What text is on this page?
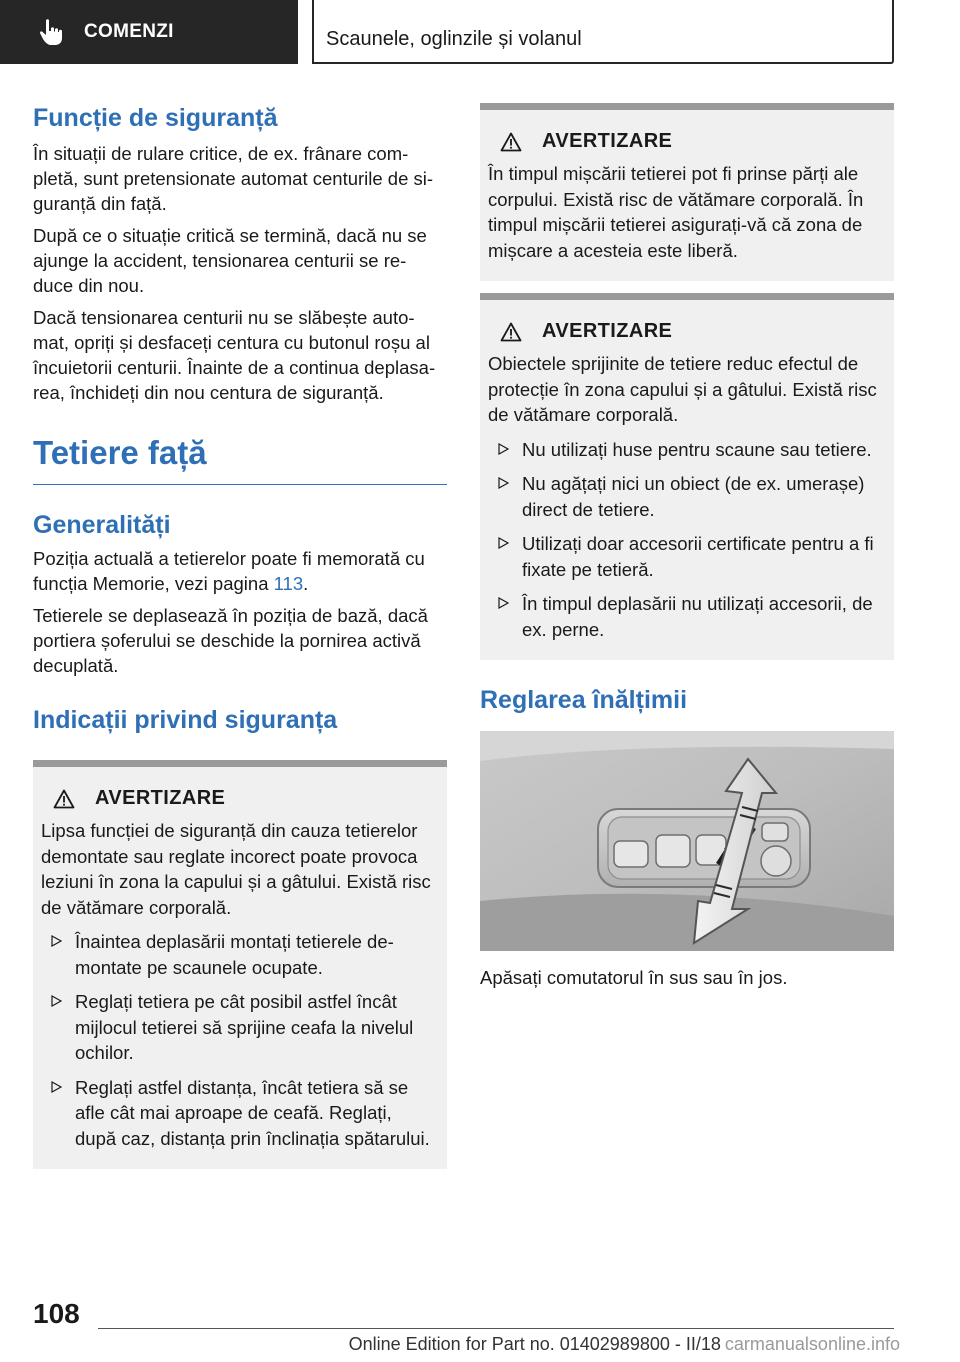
COMENZI	Scaunele, oglinzile și volanul
Funcție de siguranță

În situații de rulare critice, de ex. frânare com- pletă, sunt pretensionate automat centurile de si- guranță din față.

După ce o situație critică se termină, dacă nu se ajunge la accident, tensionarea centurii se re- duce din nou.

Dacă tensionarea centurii nu se slăbește auto- mat, opriți și desfaceți centura cu butonul roșu al încuietorii centurii. Înainte de a continua deplasa- rea, închideți din nou centura de siguranță.

Tetiere față
Generalități

Poziția actuală a tetierelor poate fi memorată cu funcția Memorie, vezi pagina 113.

Tetierele se deplasează în poziția de bază, dacă portiera șoferului se deschide la pornirea activă decuplată.

Indicații privind siguranța
AVERTIZARE

Lipsa funcției de siguranță din cauza tetierelor demontate sau reglate incorect poate provoca leziuni în zona la capului și a gâtului. Există risc de vătămare corporală.

Înaintea deplasării montați tetierele de- montate pe scaunele ocupate.
Reglați tetiera pe cât posibil astfel încât mijlocul tetierei să sprijine ceafa la nivelul ochilor.
Reglați astfel distanța, încât tetiera să se afle cât mai aproape de ceafă. Reglați, după caz, distanța prin înclinația spătarului.
AVERTIZARE

În timpul mișcării tetierei pot fi prinse părți ale corpului. Există risc de vătămare corporală. În timpul mișcării tetierei asigurați-vă că zona de mișcare a acesteia este liberă.

AVERTIZARE

Obiectele sprijinite de tetiere reduc efectul de protecție în zona capului și a gâtului. Există risc de vătămare corporală.

Nu utilizați huse pentru scaune sau tetiere.
Nu agățați nici un obiect (de ex. umerașe) direct de tetiere.
Utilizați doar accesorii certificate pentru a fi fixate pe tetieră.
În timpul deplasării nu utilizați accesorii, de ex. perne.
Reglarea înălțimii

Apăsați comutatorul în sus sau în jos.

108
Online Edition for Part no. 01402989800 - II/18 carmanualsonline.info
